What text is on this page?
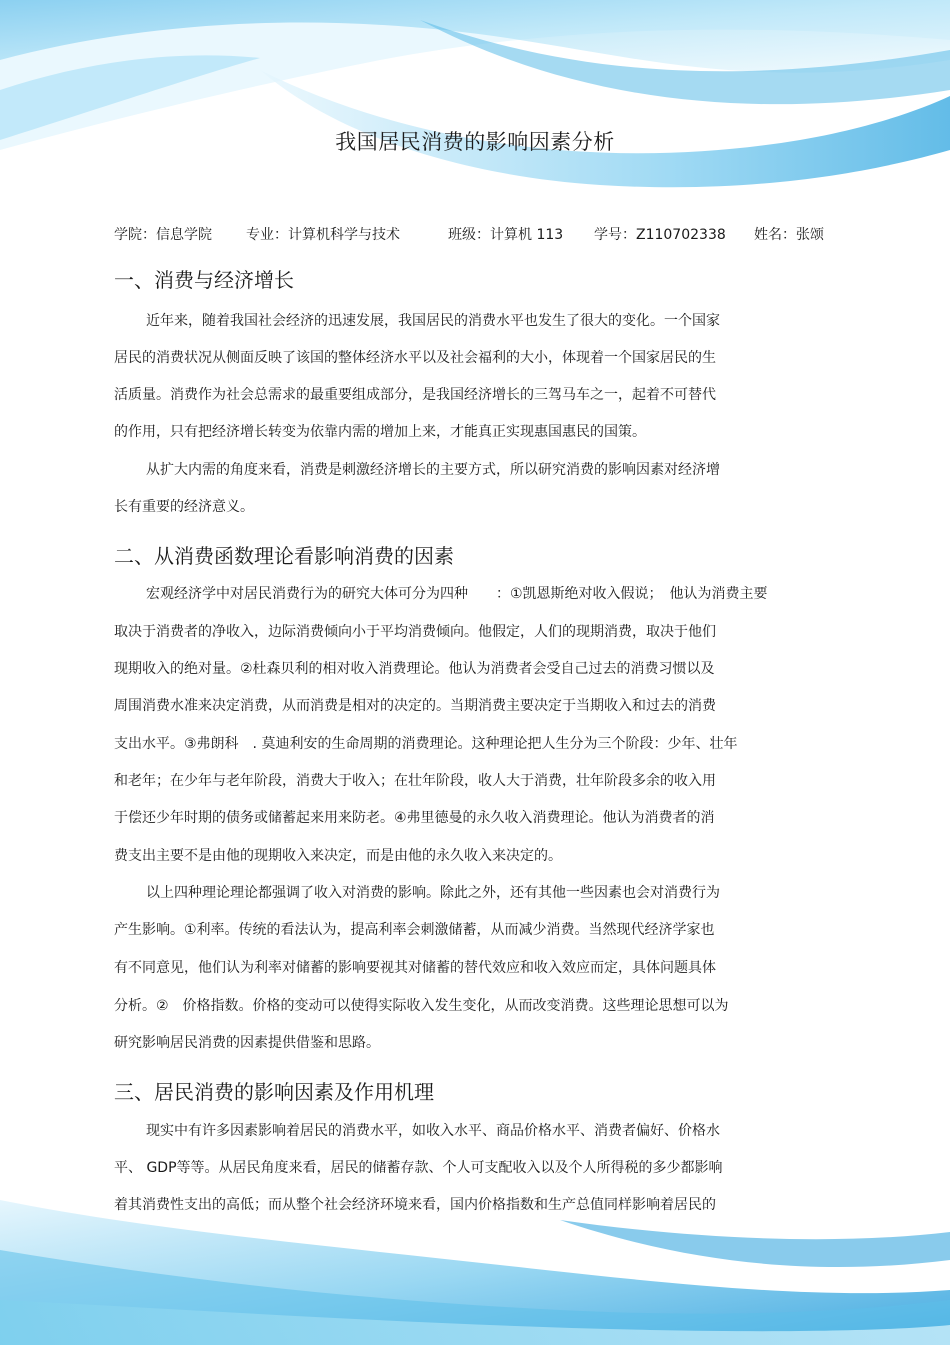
我国居民消费的影响因素分析
学院：信息学院 专业：计算机科学与技术	班级：计算机 113 学号：Z110702338 姓名：张颂
一、消费与经济增长
近年来，随着我国社会经济的迅速发展，我国居民的消费水平也发生了很大的变化。一个国家
居民的消费状况从侧面反映了该国的整体经济水平以及社会福利的大小，体现着一个国家居民的生
活质量。消费作为社会总需求的最重要组成部分，是我国经济增长的三驾马车之一，起着不可替代
的作用，只有把经济增长转变为依靠内需的增加上来，才能真正实现惠国惠民的国策。
从扩大内需的角度来看，消费是刺激经济增长的主要方式，所以研究消费的影响因素对经济增
长有重要的经济意义。
二、从消费函数理论看影响消费的因素
宏观经济学中对居民消费行为的研究大体可分为四种　　：①凯恩斯绝对收入假说；　他认为消费主要
取决于消费者的净收入，边际消费倾向小于平均消费倾向。他假定，人们的现期消费，取决于他们
现期收入的绝对量。②杜森贝利的相对收入消费理论。他认为消费者会受自己过去的消费习惯以及
周围消费水准来决定消费，从而消费是相对的决定的。当期消费主要决定于当期收入和过去的消费
支出水平。③弗朗科　. 莫迪利安的生命周期的消费理论。这种理论把人生分为三个阶段：少年、壮年
和老年；在少年与老年阶段，消费大于收入；在壮年阶段，收人大于消费，壮年阶段多余的收入用
于偿还少年时期的债务或储蓄起来用来防老。④弗里德曼的永久收入消费理论。他认为消费者的消
费支出主要不是由他的现期收入来决定，而是由他的永久收入来决定的。
以上四种理论理论都强调了收入对消费的影响。除此之外，还有其他一些因素也会对消费行为
产生影响。①利率。传统的看法认为，提高利率会刺激储蓄，从而减少消费。当然现代经济学家也
有不同意见，他们认为利率对储蓄的影响要视其对储蓄的替代效应和收入效应而定，具体问题具体
分析。②　价格指数。价格的变动可以使得实际收入发生变化，从而改变消费。这些理论思想可以为
研究影响居民消费的因素提供借鉴和思路。
三、居民消费的影响因素及作用机理
现实中有许多因素影响着居民的消费水平，如收入水平、商品价格水平、消费者偏好、价格水
平、 GDP等等。从居民角度来看，居民的储蓄存款、个人可支配收入以及个人所得税的多少都影响
着其消费性支出的高低；而从整个社会经济环境来看，国内价格指数和生产总值同样影响着居民的
